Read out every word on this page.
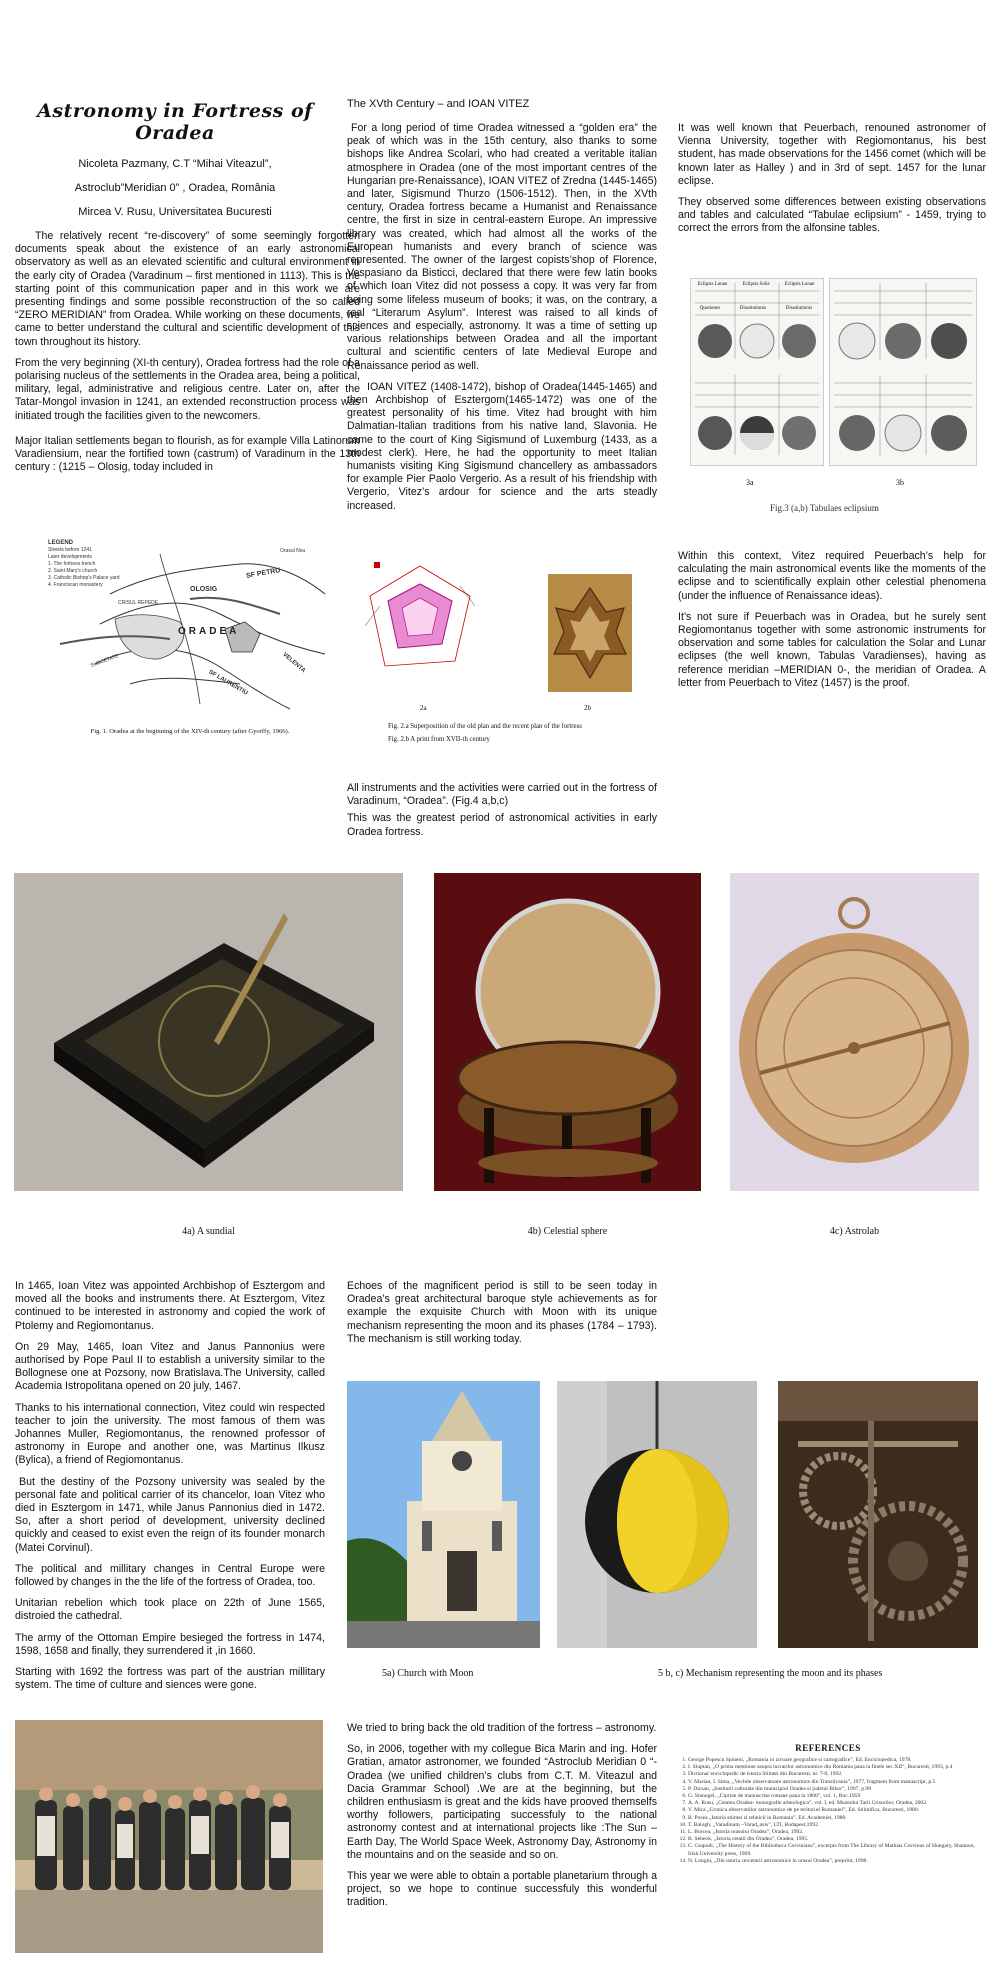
Astronomy in Fortress of Oradea
Nicoleta Pazmany, C.T “Mihai Viteazul”,
Astroclub”Meridian 0” , Oradea, România
Mircea V. Rusu, Universitatea Bucuresti

The relatively recent “re-discovery” of some seemingly forgotten documents speak about the existence of an early astronomical observatory as well as an elevated scientific and cultural environment in the early city of Oradea (Varadinum – first mentioned in 1113). This is the starting point of this communication paper and in this work we are presenting findings and some possible reconstruction of the so called “ZERO MERIDIAN” from Oradea. While working on these documents, we came to better understand the cultural and scientific development of this town throughout its history.

From the very beginning (XI-th century), Oradea fortress had the role of a polarising nucleus of the settlements in the Oradea area, being a political, military, legal, administrative and religious centre. Later on, after the Tatar-Mongol invasion in 1241, an extended reconstruction process was initiated trough the facilities given to the newcomers.

Major Italian settlements began to flourish, as for example Villa Latinorum Varadiensium, near the fortified town (castrum) of Varadinum in the 13th century : (1215 – Olosig, today included in

The XVth Century – and IOAN VITEZ

For a long period of time Oradea witnessed a “golden era” the peak of which was in the 15th century, also thanks to some bishops like Andrea Scolari, who had created a veritable italian atmosphere in Oradea (one of the most important centres of the Hungarian pre-Renaissance), IOAN VITEZ of Zredna (1445-1465) and later, Sigismund Thurzo (1506-1512). Then, in the XVth century, Oradea fortress became a Humanist and Renaissance centre, the first in size in central-eastern Europe. An impressive library was created, which had almost all the works of the European humanists and every branch of science was represented. The owner of the largest copists’shop of Florence, Vespasiano da Bisticci, declared that there were few latin books of which Ioan Vitez did not possess a copy. It was very far from being some lifeless museum of books; it was, on the contrary, a real “Literarum Asylum”. Interest was raised to all kinds of sciences and especially, astronomy. It was a time of setting up various relationships between Oradea and all the important cultural and scientific centers of late Medieval Europe and Renaissance period as well.

IOAN VITEZ (1408-1472), bishop of Oradea(1445-1465) and then Archbishop of Esztergom(1465-1472) was one of the greatest personality of his time. Vitez had brought with him Dalmatian-Italian traditions from his native land, Slavonia. He came to the court of King Sigismund of Luxemburg (1433, as a modest clerk). Here, he had the opportunity to meet Italian humanists visiting King Sigismund chancellery as ambassadors for example Pier Paolo Vergerio. As a result of his friendship with Vergerio, Vitez’s ardour for science and the arts steadly increased.

It was well known that Peuerbach, renouned astronomer of Vienna University, together with Regiomontanus, his best student, has made observations for the 1456 comet (which will be known later as Halley ) and in 3rd of sept. 1457 for the lunar eclipse.

They observed some differences between existing observations and tables and calculated “Tabulae eclipsium” - 1459, trying to correct the errors from the alfonsine tables.

Eclipsis Lunae	Eclipsis Solis	Eclipsis Lunae
Quotienes	Dissolutionis	Dissolutionis
3a	3b
Fig.3 (a,b) Tabulaes eclipsium
LEGEND
Streets before 1241
Later developments
1. The fortress trench
2. Saint Mary's church
3. Catholic Bishop's Palace yard
4. Franciscan monastery
OLOSIG
SF PETRU
ORADEA
VELENTA
SF LAURENTIU
CRISUL REPEDE
SUBCETATE
Orasul Nou
Fig. 1. Oradea at the beginning of the XIV-th century (after Gyorffy, 1966).
2a	2b
Fig. 2.a Superposition of the old plan and the recent plan of the fortress
Fig. 2.b A print from XVII-th century

Within this context, Vitez required Peuerbach’s help for calculating the main astronomical events like the moments of the eclipse and to scientifically explain other celestial phenomena (under the influence of Renaissance ideas).

It’s not sure if Peuerbach was in Oradea, but he surely sent Regiomontanus together with some astronomic instruments for observation and some tables for calculation the Solar and Lunar eclipses (the well known, Tabulas Varadienses), having as reference meridian –MERIDIAN 0-, the meridian of Oradea. A letter from Peuerbach to Vitez (1457) is the proof.

All instruments and the activities were carried out in the fortress of Varadinum, “Oradea”. (Fig.4 a,b,c)

This was the greatest period of astronomical activities in early Oradea fortress.

4a) A sundial	4b) Celestial sphere	4c) Astrolab

In 1465, Ioan Vitez was appointed Archbishop of Esztergom and moved all the books and instruments there. At Esztergom, Vitez continued to be interested in astronomy and copied the work of Ptolemy and Regiomontanus.

On 29 May, 1465, Ioan Vitez and Janus Pannonius were authorised by Pope Paul II to establish a university similar to the Bollognese one at Pozsony, now Bratislava.The University, called Academia Istropolitana opened on 20 july, 1467.

Thanks to his international connection, Vitez could win respected teacher to join the university. The most famous of them was Johannes Muller, Regiomontanus, the renowned professor of astronomy in Europe and another one, was Martinus Ilkusz (Bylica), a friend of Regiomontanus.

But the destiny of the Pozsony university was sealed by the personal fate and political carrier of its chancelor, Ioan Vitez who died in Esztergom in 1471, while Janus Pannonius died in 1472. So, after a short period of development, university declined quickly and ceased to exist even the reign of its founder monarch (Matei Corvinul).

The political and millitary changes in Central Europe were followed by changes in the the life of the fortress of Oradea, too.

Unitarian rebelion which took place on 22th of June 1565, distroied the cathedral.

The army of the Ottoman Empire besieged the fortress in 1474, 1598, 1658 and finally, they surrendered it ,in 1660.

Starting with 1692 the fortress was part of the austrian millitary system. The time of culture and siences were gone.

Echoes of the magnificent period is still to be seen today in Oradea’s great architectural baroque style achievements as for example the exquisite Church with Moon with its unique mechanism representing the moon and its phases (1784 – 1793). The mechanism is still working today.

5a) Church with Moon	5 b, c) Mechanism representing the moon and its phases

We tried to bring back the old tradition of the fortress – astronomy.

So, in 2006, together with my collegue Bica Marin and ing. Hofer Gratian, amator astronomer, we founded “Astroclub Meridian 0 “-Oradea (we unified children’s clubs from C.T. M. Viteazul and Dacia Grammar School) .We are at the beginning, but the children enthusiasm is great and the kids have prooved themselfs worthy followers, participating successfuly to the national astronomy contest and at international projects like :The Sun – Earth Day, The World Space Week, Astronomy Day, Astronomy in the mountains and on the seaside and so on.

This year we were able to obtain a portable planetarium through a project, so we hope to continue successfuly this wonderful tradition.

REFERENCES
1. George Popescu Spineni, „Romania in izvoare geografice si cartografice”, Ed. Enciclopedica, 1978.
2. I. Sluptan, „O prima mentiune asupra lucrarilor astronomice din Romania pana la finele sec.XII”, Bucuresti, 1993, p.4
3. Dictionar enciclopedic de istoria Stiintei din Bucuresti, nr. 7-8, 1992.
4. V. Marian, I. Sima, „Vechile observatoare astronomice din Transilvania”, 1977, fragment from manuscript, p.5
5. P. Dicsan, „Institutii culturale din municipiul Oradea si judetul Bihor”, 1997, p.98
6. G. Stanugel, „Ciprian de manuscrise romane pana la 1800”, vol. 1, Buc.1959
7. A. A. Rusu, „Cetatea Oradea- monografie arheologica”, vol. I, ed. Muzeului Tarii Crisurilor, Oradea, 2002.
8. V. Mica „Cronica observatiilor astronomice de pe teritoriul Romaniei”, Ed. Stiintifica, Bucuresti, 1980.
9. B. Posea „Istoria stiintei si tehnicii in Romania”, Ed. Academiei, 1988.
10. T. Balogh, „Varadinum –Varad„nsis”, LTI, Budapest,1992.
11. L. Borcea, „Istoria orasului Oradea”, Oradea, 1992.
12. B. Sebeok, „Istoria cetatii din Oradea”, Oradea, 1995.
13. C. Csapodi, „The History of the Bibliotheca Corviniana”, excerpts from The Library of Mathias Corvinus of Hungary, Shannon, Irish University press, 1969.
14. N. Longin, „Din istoria cercetarii astronomice in orasul Oradea”, preprint, 1998.
